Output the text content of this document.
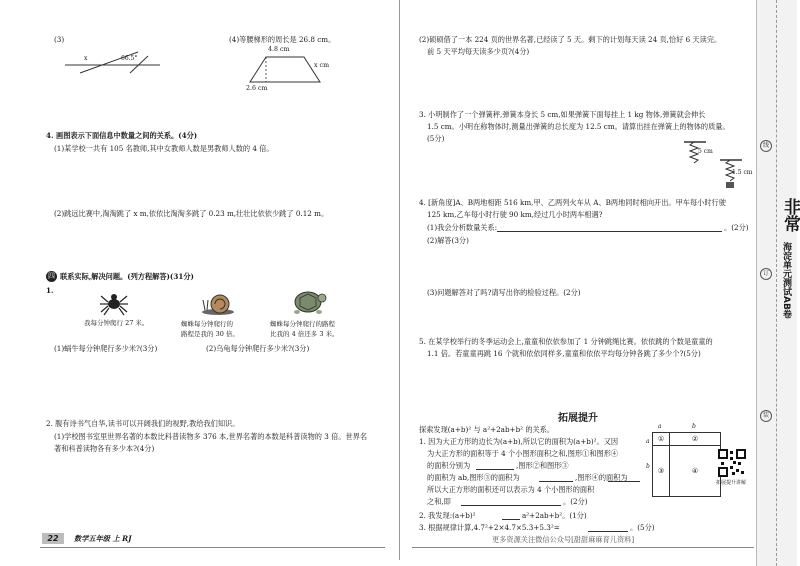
(3)
x	66.5°
(4)等腰梯形的周长是 26.8 cm。
4.8 cm
x cm
2.6 cm
4. 画图表示下面信息中数量之间的关系。(4分)
(1)某学校一共有 105 名教师,其中女教师人数是男教师人数的 4 倍。
(2)跳远比赛中,淘淘跳了 x m,依依比淘淘多跳了 0.23 m,壮壮比依依少跳了 0.12 m。
四 联系实际,解决问题。(列方程解答)(31分)
1.
我每分钟爬行 27 米。	蜘蛛每分钟爬行的
路程是我的 30 倍。
蜘蛛每分钟爬行的路程
比我的 4 倍还多 3 米。
(1)蜗牛每分钟爬行多少米?(3分)	(2)乌龟每分钟爬行多少米?(3分)
2. 腹有诗书气自华,读书可以开阔我们的视野,教给我们知识。
(1)学校图书室里世界名著的本数比科普读物多 376 本,世界名著的本数是科普读物的 3 倍。世界名
著和科普读物各有多少本?(4分)
22	数学五年级 上 RJ
(2)硕硕借了一本 224 页的世界名著,已经读了 5 天。剩下的计划每天读 24 页,恰好 6 天读完。
前 5 天平均每天读多少页?(4分)
3. 小明制作了一个弹簧秤,弹簧本身长 5 cm,如果弹簧下面每挂上 1 kg 物体,弹簧就会伸长
1.5 cm。小明在称物体时,测量出弹簧的总长度为 12.5 cm。请算出挂在弹簧上的物体的质量。
(5分)
5 cm
1.5 cm
4. [新角度]A、B两地相距 516 km,甲、乙两列火车从 A、B两地同时相向开出。甲车每小时行驶
125 km,乙车每小时行驶 90 km,经过几小时两车相遇?
(1)我会分析数量关系:	。(2分)
(2)解答(3分)
(3)问题解答对了吗?请写出你的检验过程。(2分)
5. 在某学校举行的冬季运动会上,童童和依依参加了 1 分钟跳绳比赛。依依跳的个数是童童的
1.1 倍。若童童再跳 16 个就和依依同样多,童童和依依平均每分钟各跳了多少个?(5分)
拓展提升
探索发现(a+b)² 与 a²+2ab+b² 的关系。
1. 因为大正方形的边长为(a+b),所以它的面积为(a+b)²。又因
为大正方形的面积等于 4 个小图形面积之和,图形①和图形④
的面积分别为	,图形②和图形③
的面积为 ab,图形③的面积为	,图形④的面积为
所以大正方形的面积还可以表示为 4 个小图形的面积
之和,即	。(2分)
2. 我发现:(a+b)²	a²+2ab+b²。(1分)
3. 根据规律计算,4.7²+2×4.7×5.3+5.3²=	。(5分)
a	b
a
b
①	②
③	④
拓展提升讲解
更多资源关注微信公众号[甜甜麻麻育儿资料]
线
订
装
非常
海淀单元测试AB卷
